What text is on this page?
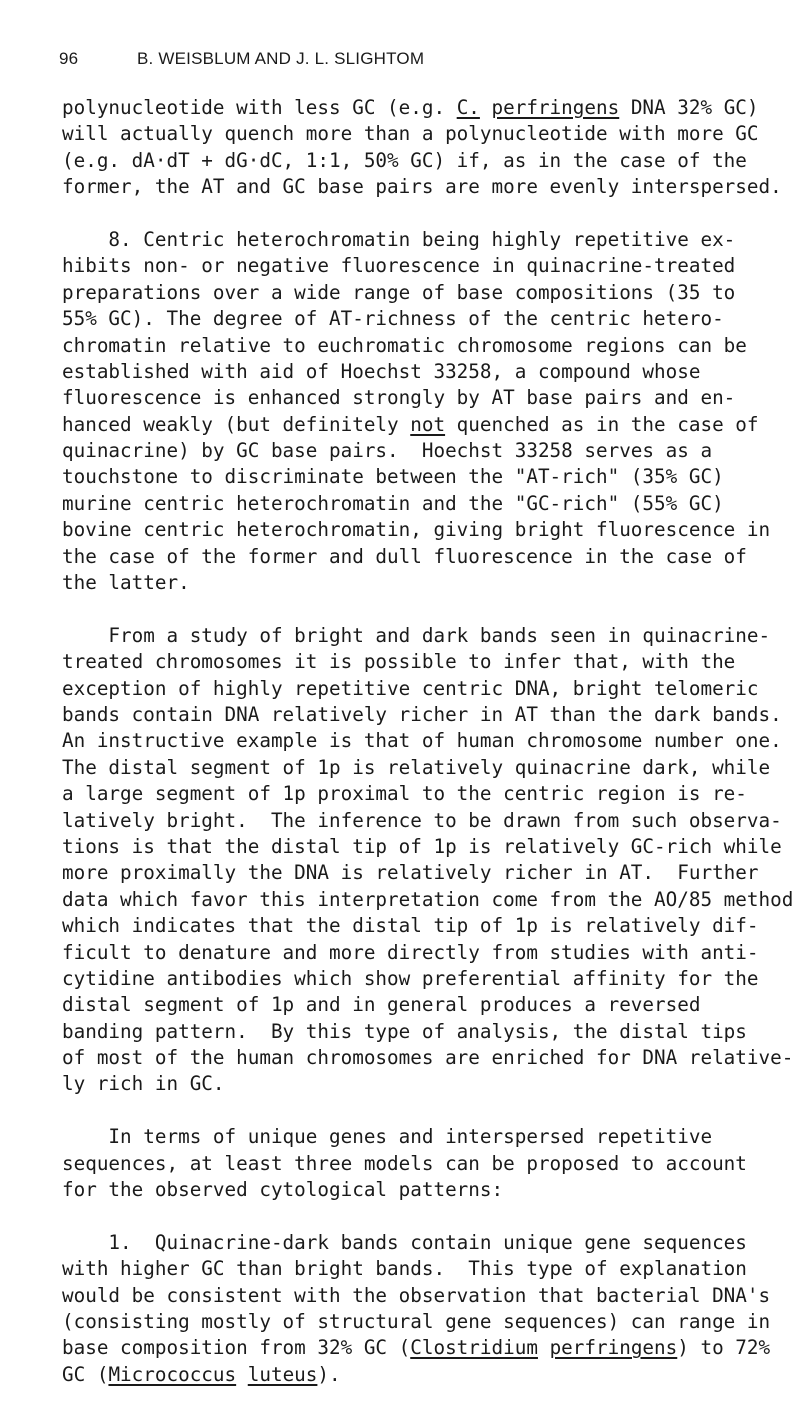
96	B. WEISBLUM AND J. L. SLIGHTOM
polynucleotide with less GC (e.g. C. perfringens DNA 32% GC)
will actually quench more than a polynucleotide with more GC
(e.g. dA·dT + dG·dC, 1:1, 50% GC) if, as in the case of the
former, the AT and GC base pairs are more evenly interspersed.
8. Centric heterochromatin being highly repetitive ex-
hibits non- or negative fluorescence in quinacrine-treated
preparations over a wide range of base compositions (35 to
55% GC). The degree of AT-richness of the centric hetero-
chromatin relative to euchromatic chromosome regions can be
established with aid of Hoechst 33258, a compound whose
fluorescence is enhanced strongly by AT base pairs and en-
hanced weakly (but definitely not quenched as in the case of
quinacrine) by GC base pairs.  Hoechst 33258 serves as a
touchstone to discriminate between the "AT-rich" (35% GC)
murine centric heterochromatin and the "GC-rich" (55% GC)
bovine centric heterochromatin, giving bright fluorescence in
the case of the former and dull fluorescence in the case of
the latter.
From a study of bright and dark bands seen in quinacrine-
treated chromosomes it is possible to infer that, with the
exception of highly repetitive centric DNA, bright telomeric
bands contain DNA relatively richer in AT than the dark bands.
An instructive example is that of human chromosome number one.
The distal segment of 1p is relatively quinacrine dark, while
a large segment of 1p proximal to the centric region is re-
latively bright.  The inference to be drawn from such observa-
tions is that the distal tip of 1p is relatively GC-rich while
more proximally the DNA is relatively richer in AT.  Further
data which favor this interpretation come from the AO/85 method
which indicates that the distal tip of 1p is relatively dif-
ficult to denature and more directly from studies with anti-
cytidine antibodies which show preferential affinity for the
distal segment of 1p and in general produces a reversed
banding pattern.  By this type of analysis, the distal tips
of most of the human chromosomes are enriched for DNA relative-
ly rich in GC.
In terms of unique genes and interspersed repetitive
sequences, at least three models can be proposed to account
for the observed cytological patterns:
1.  Quinacrine-dark bands contain unique gene sequences
with higher GC than bright bands.  This type of explanation
would be consistent with the observation that bacterial DNA's
(consisting mostly of structural gene sequences) can range in
base composition from 32% GC (Clostridium perfringens) to 72%
GC (Micrococcus luteus).
